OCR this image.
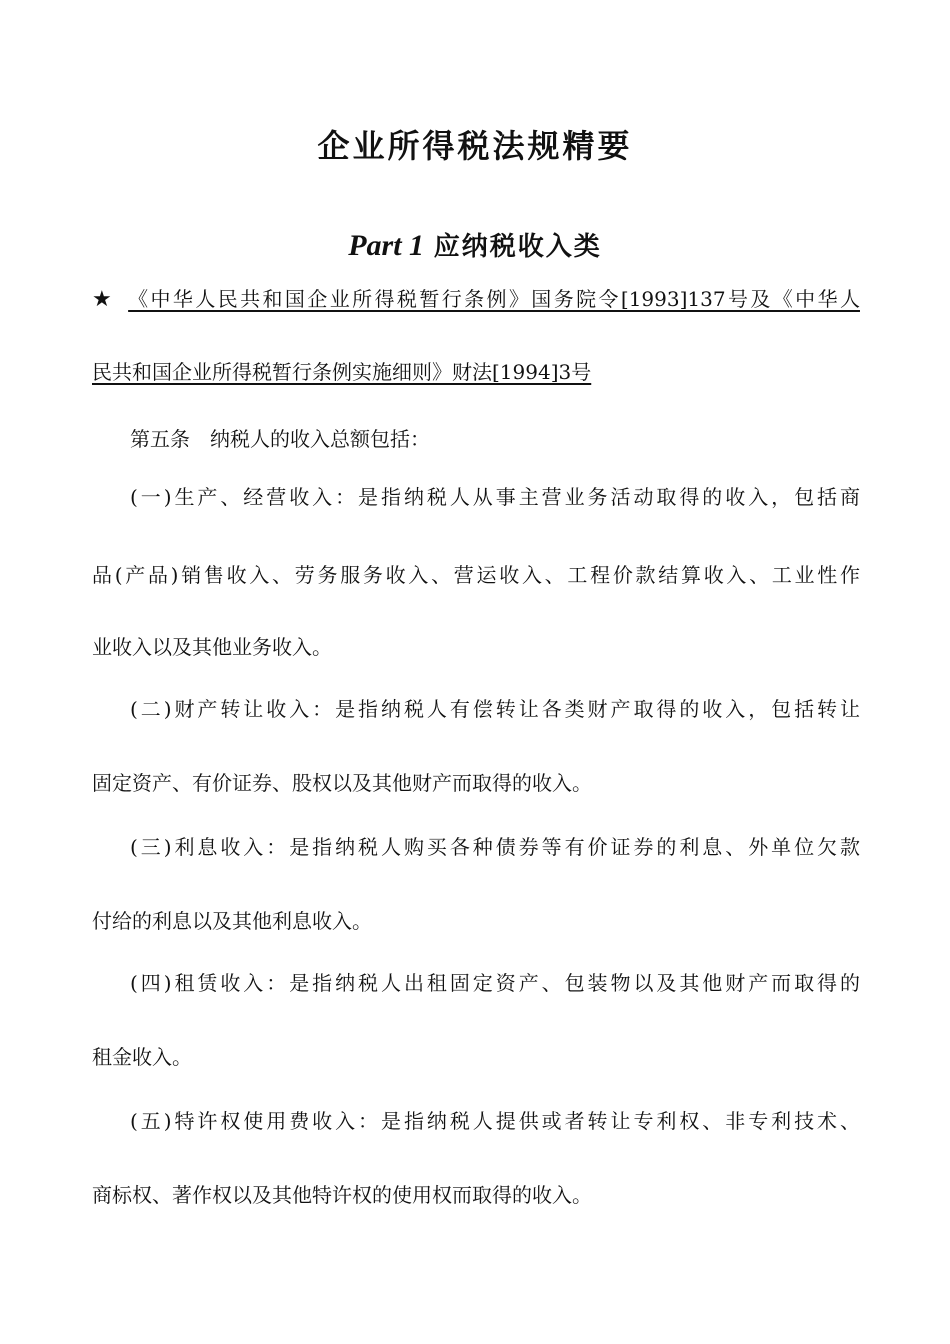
企业所得税法规精要
Part 1 应纳税收入类

★ 《中华人民共和国企业所得税暂行条例》国务院令[1993]137号及《中华人

民共和国企业所得税暂行条例实施细则》财法[1994]3号

第五条　纳税人的收入总额包括：

(一)生产、经营收入：是指纳税人从事主营业务活动取得的收入，包括商

品(产品)销售收入、劳务服务收入、营运收入、工程价款结算收入、工业性作

业收入以及其他业务收入。

(二)财产转让收入：是指纳税人有偿转让各类财产取得的收入，包括转让

固定资产、有价证券、股权以及其他财产而取得的收入。

(三)利息收入：是指纳税人购买各种债券等有价证券的利息、外单位欠款

付给的利息以及其他利息收入。

(四)租赁收入：是指纳税人出租固定资产、包装物以及其他财产而取得的

租金收入。

(五)特许权使用费收入：是指纳税人提供或者转让专利权、非专利技术、

商标权、著作权以及其他特许权的使用权而取得的收入。
